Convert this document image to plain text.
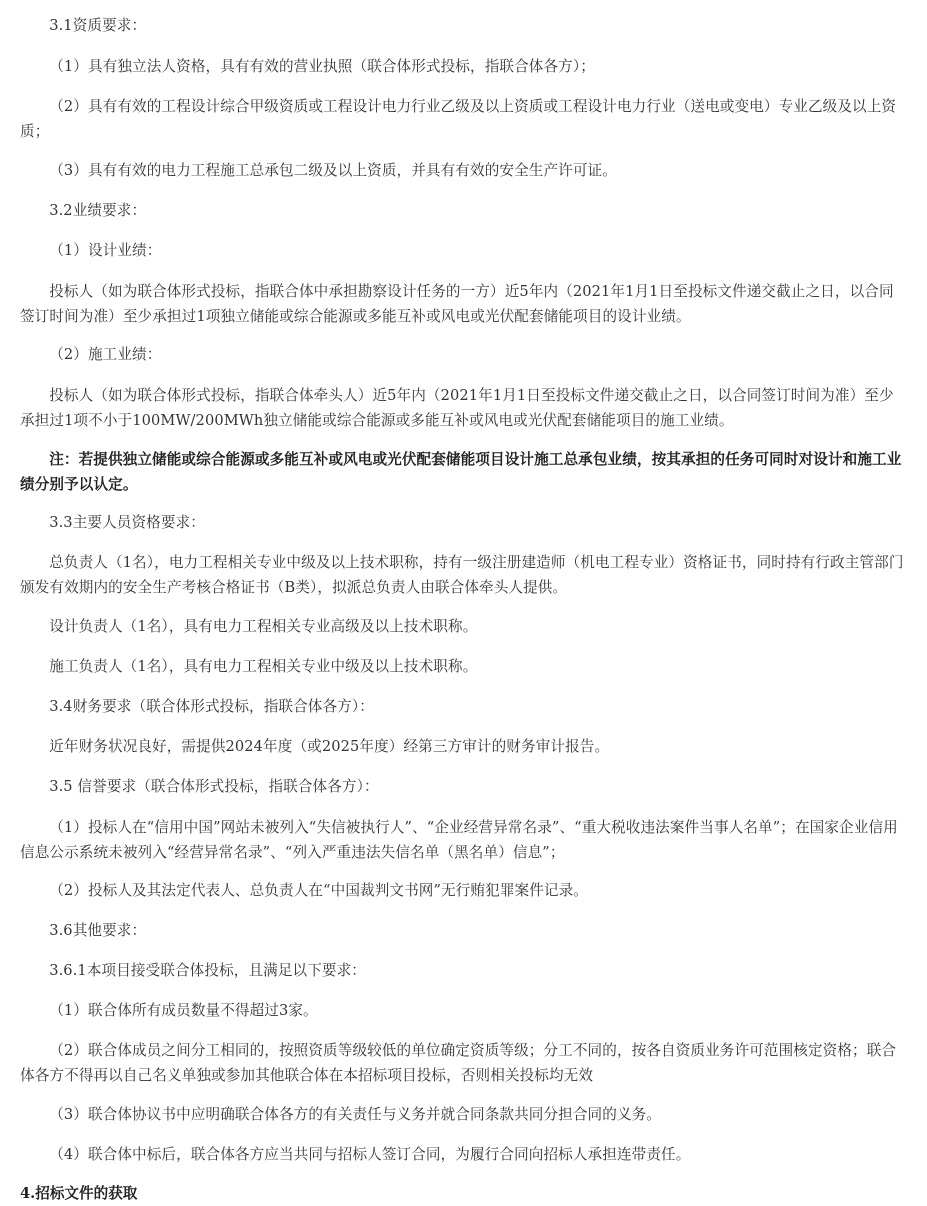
3.1资质要求：
（1）具有独立法人资格，具有有效的营业执照（联合体形式投标，指联合体各方）；
（2）具有有效的工程设计综合甲级资质或工程设计电力行业乙级及以上资质或工程设计电力行业（送电或变电）专业乙级及以上资质；
（3）具有有效的电力工程施工总承包二级及以上资质，并具有有效的安全生产许可证。
3.2业绩要求：
（1）设计业绩：
投标人（如为联合体形式投标，指联合体中承担勘察设计任务的一方）近5年内（2021年1月1日至投标文件递交截止之日，以合同签订时间为准）至少承担过1项独立储能或综合能源或多能互补或风电或光伏配套储能项目的设计业绩。
（2）施工业绩：
投标人（如为联合体形式投标，指联合体牵头人）近5年内（2021年1月1日至投标文件递交截止之日，以合同签订时间为准）至少承担过1项不小于100MW/200MWh独立储能或综合能源或多能互补或风电或光伏配套储能项目的施工业绩。
注：若提供独立储能或综合能源或多能互补或风电或光伏配套储能项目设计施工总承包业绩，按其承担的任务可同时对设计和施工业绩分别予以认定。
3.3主要人员资格要求：
总负责人（1名），电力工程相关专业中级及以上技术职称，持有一级注册建造师（机电工程专业）资格证书，同时持有行政主管部门颁发有效期内的安全生产考核合格证书（B类），拟派总负责人由联合体牵头人提供。
设计负责人（1名），具有电力工程相关专业高级及以上技术职称。
施工负责人（1名），具有电力工程相关专业中级及以上技术职称。
3.4财务要求（联合体形式投标，指联合体各方）：
近年财务状况良好，需提供2024年度（或2025年度）经第三方审计的财务审计报告。
3.5 信誉要求（联合体形式投标，指联合体各方）：
（1）投标人在“信用中国”网站未被列入“失信被执行人”、“企业经营异常名录”、“重大税收违法案件当事人名单”；在国家企业信用信息公示系统未被列入“经营异常名录”、“列入严重违法失信名单（黑名单）信息”；
（2）投标人及其法定代表人、总负责人在“中国裁判文书网”无行贿犯罪案件记录。
3.6其他要求：
3.6.1本项目接受联合体投标，且满足以下要求：
（1）联合体所有成员数量不得超过3家。
（2）联合体成员之间分工相同的，按照资质等级较低的单位确定资质等级；分工不同的，按各自资质业务许可范围核定资格；联合体各方不得再以自己名义单独或参加其他联合体在本招标项目投标，否则相关投标均无效
（3）联合体协议书中应明确联合体各方的有关责任与义务并就合同条款共同分担合同的义务。
（4）联合体中标后，联合体各方应当共同与招标人签订合同，为履行合同向招标人承担连带责任。
4.招标文件的获取
